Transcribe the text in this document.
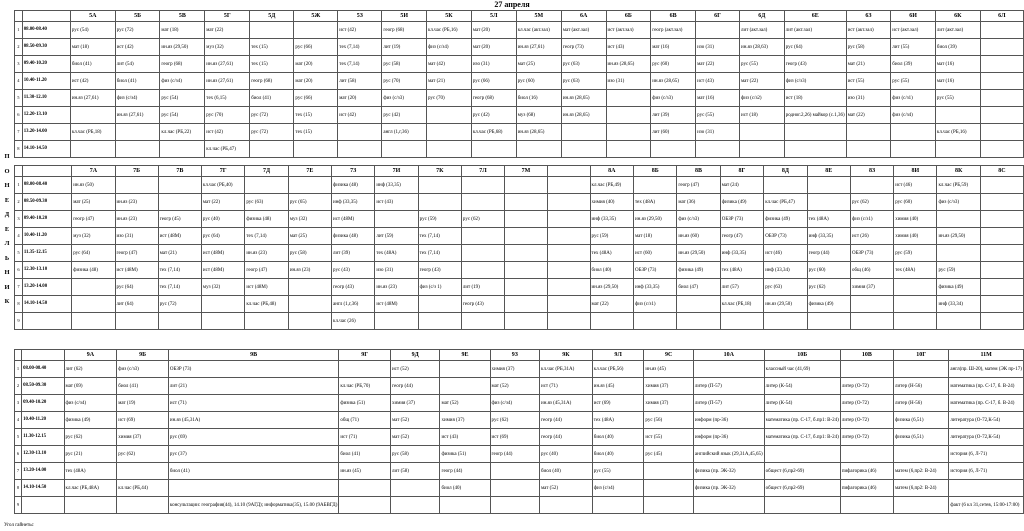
27 апреля
П
О
Н
Е
Д
Е
Л
Ь
Н
И
К
		5А	5Б	5В	5Г	5Д	5Ж	5З	5И	5К	5Л	5М	6А	6Б	6В	6Г	6Д	6Е	6З	6И	6К	6Л
1	08.00-08.40	рус (54)	рус (72)	мат (18)	мат (22)			ист (42)	геогр (68)	кл.час (РБ,16)	мат (20)	кл.час (акт.зал)	мат (акт.зал)	ист (акт.зал)	геогр (акт.зал)		лит (акт.зал)	лит (акт.зал)	ист (акт.зал)	ист (акт.зал)	лит (акт.зал)	
2	08.50-09.30	мат (18)	ист (42)	ин.яз (29,50)	муз (32)	тех (15)	рус (66)	тех (7,14)	лит (19)	физ (с/з4)	мат (20)	ин.яз (27,61)	геогр (73)	ист (43)	мат (16)	изо (31)	ин.яз (28,63)	рус (64)	рус (58)	лит (55)	биол (39)	
3	09.40-10.20	биол (41)	лит (54)	геогр (68)	ин.яз (27,61)	тех (15)	мат (20)	тех (7,14)	рус (58)	мат (42)	изо (31)	мат (25)	рус (63)	ин.яз (28,65)	рус (60)	мат (22)	рус (55)	геогр (43)	мат (21)	биол (39)	мат (16)	
4	10.40-11.20	ист (42)	биол (41)	физ (с/з4)	ин.яз (27,61)	геогр (68)	мат (20)	лит (58)	рус (70)	мат (21)	рус (66)	рус (60)	рус (63)	изо (31)	ин.яз (28,65)	ист (43)	мат (22)	физ (с/з3)	ист (55)	рус (55)	мат (16)	
5	11.30-12.10	ин.яз (27,61)	физ (с/з4)	рус (54)	тех (6,15)	биол (41)	рус (66)	мат (20)	физ (с/з3)	рус (70)	геогр (68)	биол (16)	ин.яз (28,65)		физ (с/з3)	мат (16)	физ (с/з2)	ист (18)	изо (31)	физ (с/з1)	рус (55)	
6	12.20-13.10		ин.яз (27,61)	рус (54)	рус (70)	рус (72)	тех (15)	ист (42)	рус (42)		рус (42)	муз (68)	ин.яз (28,65)		лит (39)	рус (55)	ист (18)	родног.2,26) майкор (с.1,36)	мат (22)	физ (с/з4)		
7	13.20-14.00	кл.час (РБ,18)		кл.час (РБ,22)	ист (42)	рус (72)	тех (15)		англ (1,г,36)		кл.час (РБ,68)	ин.яз (28,65)			лит (60)	изо (31)					кл.час (РБ,16)	
8	14.10-14.50				кл.час (РБ,47)																	
		7А	7Б	7В	7Г	7Д	7Е	7З	7И	7К	7Л	7М		8А	8Б	8В	8Г	8Д	8Е	8З	8И	8К	8С
1	08.00-08.40	ин.яз (50)			кл.час (РБ,40)			физика (48)	инф (33,35)					кл.час (РБ,49)		геогр (47)	мат (24)				ист (46)	кл.час (РБ,59)	
2	08.50-09.30	мат (25)	ин.яз (23)		мат (22)	рус (63)	рус (65)	инф (33,35)	ист (43)					химия (40)	тех (48А)	мат (36)	физика (49)	кл.час (РБ,47)		рус (62)	рус (60)	физ (с/з3)	
3	09.40-10.20	геогр (47)	ин.яз (23)	геогр (45)	рус (40)	физика (48)	муз (32)	ист (48М)		рус (59)	рус (62)			инф (33,35)	ин.яз (29,50)	физ (с/з3)	ОБЗР (73)	физика (49)	тех (48А)	физ (с/з1)	химия (40)		
4	10.40-11.20	муз (32)	изо (31)	ист (48М)	рус (64)	тех (7,14)	мат (25)	физика (48)	лит (59)	тех (7,14)				рус (59)	мат (18)	ин.яз (60)	геогр (47)	ОБЗР (73)	инф (33,35)	ист (26)	химия (40)	ин.яз (29,50)	
5	11.35-12.15	рус (64)	геогр (47)	мат (21)	ист (48М)	ин.яз (23)	рус (58)	лит (39)	тех (48А)	тех (7,14)				тех (48А)	ист (60)	ин.яз (29,50)	инф (33,35)	ист (46)	геогр (44)	ОБЗР (73)	рус (59)		
6	12.30-13.10	физика (48)	ист (48М)	тех (7,14)	ист (48М)	геогр (47)	ин.яз (23)	рус (43)	изо (31)	геогр (43)				биол (40)	ОБЗР (73)	физика (49)	тех (48А)	инф (33,34)	рус (60)	общ (46)	тех (48А)	рус (59)	
7	13.20-14.00		рус (64)	тех (7,14)	муз (32)	ист (48М)		геогр (43)	ин.яз (23)	физ (с/з 1)	лит (19)			ин.яз (29,50)	инф (33,35)	биол (47)	лит (57)	рус (63)	рус (62)	химия (37)		физика (49)	
8	14.10-14.50		лит (64)	рус (72)		кл.час (РБ,48)		англ (1,г,36)	ист (48М)		геогр (43)			мат (22)	физ (с/з1)		кл.час (РБ,18)	ин.яз (29,50)	физика (49)			инф (33,34)	
9								кл.час (26)															
		9А	9Б	9В	9Г	9Д	9Е	9З	9К	9Л	9С	10А	10Б	10В	10Г	11М
1	08.00-08.40	лит (62)	физ (с/з3)	ОБЗР (73)		ист (52)		химия (37)	кл.час (РБ,31А)	кл.час (РБ,56)	ин.яз (45)		классный час (41,69)			англ(пр. Ш-20), матем (ЭК пр-17)
2	08.50-09.30	мат (69)	биол (41)	лит (21)	кл.час (РБ,70)	геогр (44)		мат (52)	ист (71)	ин.яз (45)	химия (37)	литер (П-57)	литер (К-54)	литер (О-72)	литер (Н-56)	математика (пр. С-17, б. В-24)
3	09.40-10.20	физ (с/з4)	мат (19)	ист (71)	физика (51)	химия (37)	мат (52)	физ (с/з4)	ин.яз (45,31А)	ист (69)	химия (37)	литер (П-57)	литер (К-54)	литер (О-72)	литер (Н-56)	математика (пр. С-17, б. В-24)
4	10.40-11.20	физика (49)	ист (69)	ин.яз (45,31А)	общ (71)	мат (52)	химия (37)	рус (62)	геогр (44)	тех (48А)	рус (56)	информ (пр-36)	математика (пр. С-17, б.пр1: В-24)	литер (О-72)	физика (6,51)	литература (О-72,К-54)
5	11.30-12.15	рус (62)	химия (37)	рус (69)	ист (71)	мат (52)	ист (43)	ист (69)	геогр (44)	биол (40)	ист (55)	информ (пр-36)	математика (пр. С-17, б.пр1: В-24)	литер (О-72)	физика (6,51)	литература (О-72,К-54)
6	12.30-13.10	рус (21)	рус (62)	рус (37)	биол (41)	рус (58)	физика (51)	геогр (44)	рус (40)	биол (40)	рус (45)	английский язык (29,31А,45,65)				история (6, Л-71)
7	13.20-14.00	тех (48А)		биол (41)	ин.яз (45)	лит (58)	геогр (44)		биол (40)	рус (55)		физика (пр. ЭК-32)	общест (6,пр2-69)	пифагорика (46)	матем (6,пр2: В-24)	история (6, Л-71)
8	14.10-14.50	кл.час (РБ,48А)	кл.час (РБ,44)				биол (40)		мат (52)	физ (с/з4)		физика (пр. ЭК-32)	общест (6,пр2-69)	пифагорика (46)	матем (6,пр2: В-24)	
9				консультации: география(44), 14.10 (9АГД); информатика(35), 15.00 (9АБВГД)												факт (6 кл 31,сетев, 15:00-17:00)
Угол гайнетьс
